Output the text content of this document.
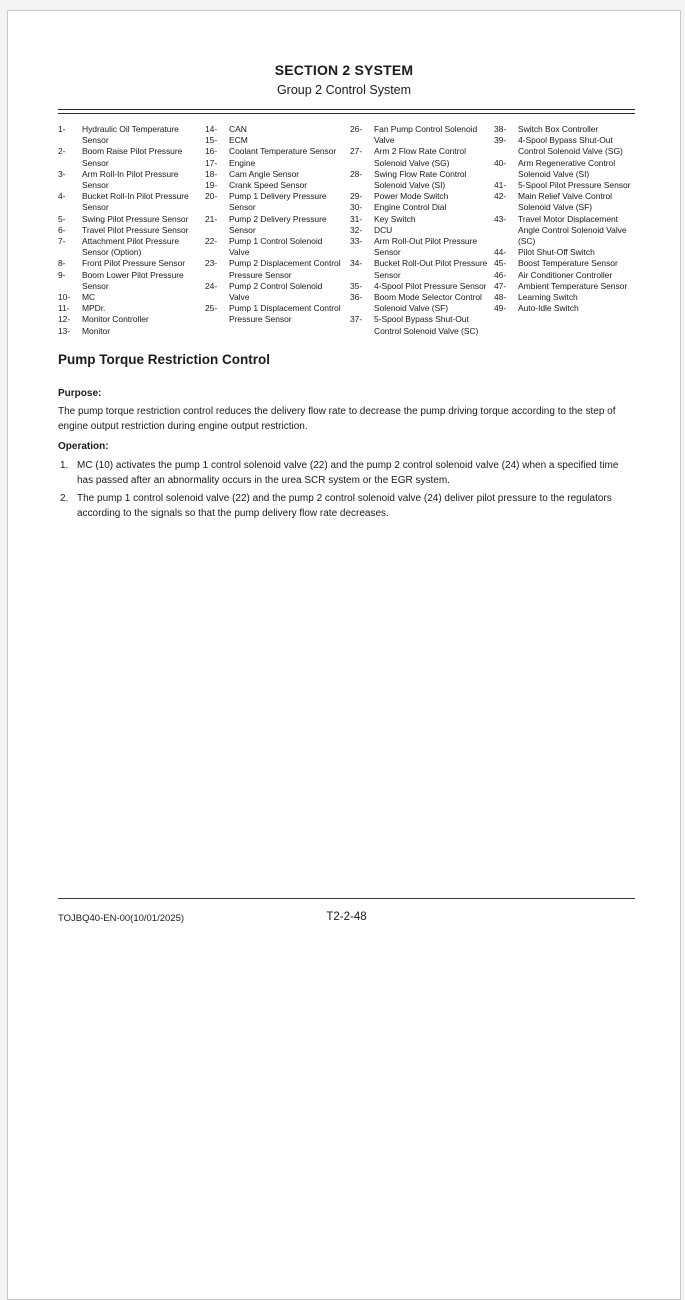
SECTION 2 SYSTEM
Group 2 Control System
1-	Hydraulic Oil Temperature Sensor
2-	Boom Raise Pilot Pressure Sensor
3-	Arm Roll-In Pilot Pressure Sensor
4-	Bucket Roll-In Pilot Pressure Sensor
5-	Swing Pilot Pressure Sensor
6-	Travel Pilot Pressure Sensor
7-	Attachment Pilot Pressure Sensor (Option)
8-	Front Pilot Pressure Sensor
9-	Boom Lower Pilot Pressure Sensor
10-	MC
11-	MPDr.
12-	Monitor Controller
13-	Monitor
14-	CAN
15-	ECM
16-	Coolant Temperature Sensor
17-	Engine
18-	Cam Angle Sensor
19-	Crank Speed Sensor
20-	Pump 1 Delivery Pressure Sensor
21-	Pump 2 Delivery Pressure Sensor
22-	Pump 1 Control Solenoid Valve
23-	Pump 2 Displacement Control Pressure Sensor
24-	Pump 2 Control Solenoid Valve
25-	Pump 1 Displacement Control Pressure Sensor
26-	Fan Pump Control Solenoid Valve
27-	Arm 2 Flow Rate Control Solenoid Valve (SG)
28-	Swing Flow Rate Control Solenoid Valve (SI)
29-	Power Mode Switch
30-	Engine Control Dial
31-	Key Switch
32-	DCU
33-	Arm Roll-Out Pilot Pressure Sensor
34-	Bucket Roll-Out Pilot Pressure Sensor
35-	4-Spool Pilot Pressure Sensor
36-	Boom Mode Selector Control Solenoid Valve (SF)
37-	5-Spool Bypass Shut-Out Control Solenoid Valve (SC)
38-	Switch Box Controller
39-	4-Spool Bypass Shut-Out Control Solenoid Valve (SG)
40-	Arm Regenerative Control Solenoid Valve (SI)
41-	5-Spool Pilot Pressure Sensor
42-	Main Relief Valve Control Solenoid Valve (SF)
43-	Travel Motor Displacement Angle Control Solenoid Valve (SC)
44-	Pilot Shut-Off Switch
45-	Boost Temperature Sensor
46-	Air Conditioner Controller
47-	Ambient Temperature Sensor
48-	Learning Switch
49-	Auto-Idle Switch
Pump Torque Restriction Control
Purpose:
The pump torque restriction control reduces the delivery flow rate to decrease the pump driving torque according to the step of engine output restriction during engine output restriction.
Operation:
1. MC (10) activates the pump 1 control solenoid valve (22) and the pump 2 control solenoid valve (24) when a specified time has passed after an abnormality occurs in the urea SCR system or the EGR system.
2. The pump 1 control solenoid valve (22) and the pump 2 control solenoid valve (24) deliver pilot pressure to the regulators according to the signals so that the pump delivery flow rate decreases.
TOJBQ40-EN-00(10/01/2025)	T2-2-48
